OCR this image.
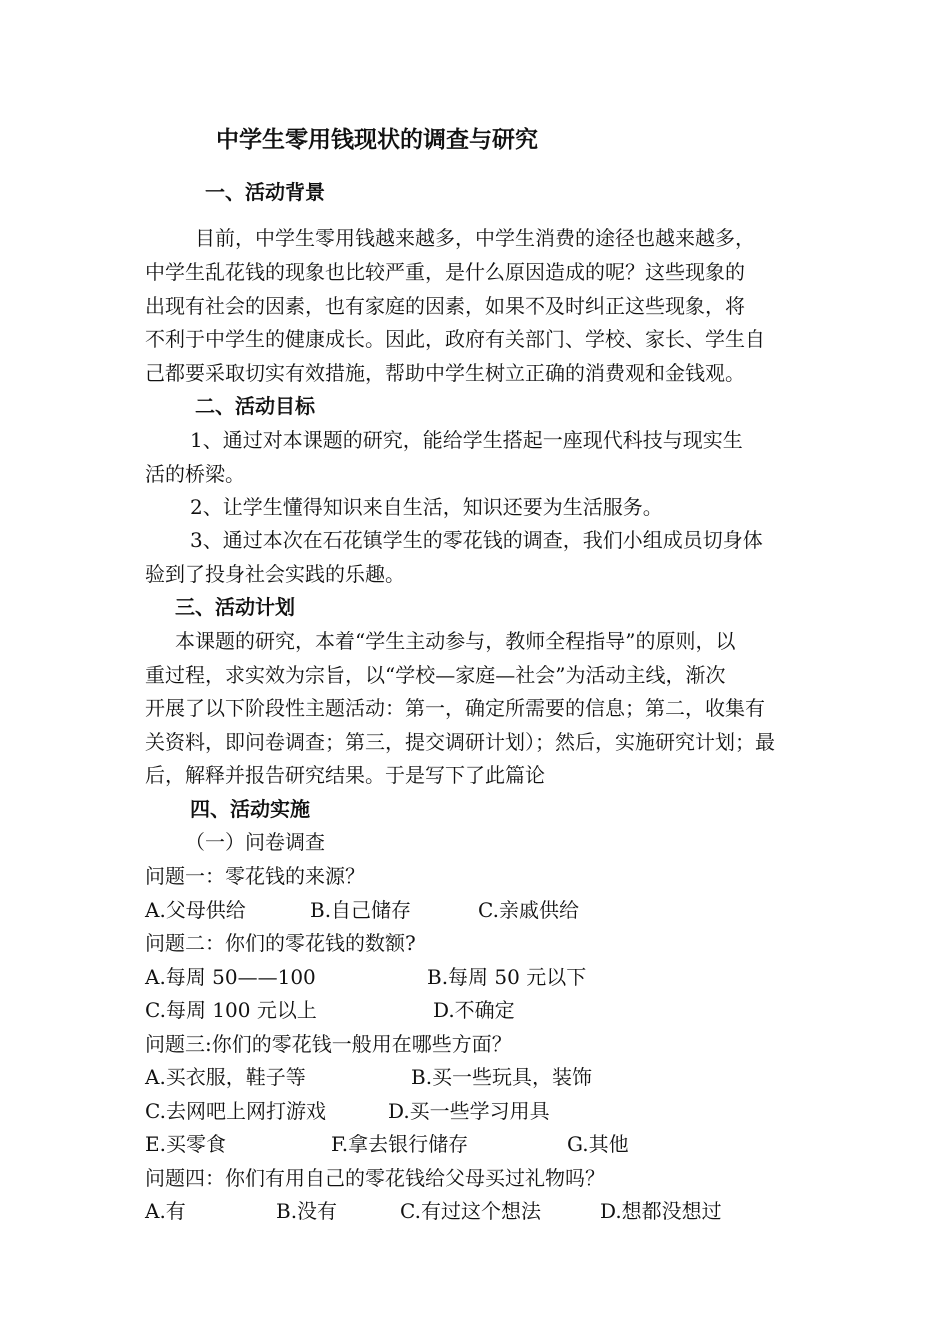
中学生零用钱现状的调查与研究
一、活动背景
目前，中学生零用钱越来越多，中学生消费的途径也越来越多，
中学生乱花钱的现象也比较严重，是什么原因造成的呢？这些现象的
出现有社会的因素，也有家庭的因素，如果不及时纠正这些现象，将
不利于中学生的健康成长。因此，政府有关部门、学校、家长、学生自
己都要采取切实有效措施，帮助中学生树立正确的消费观和金钱观。
二、活动目标
1、通过对本课题的研究，能给学生搭起一座现代科技与现实生
活的桥梁。
2、让学生懂得知识来自生活，知识还要为生活服务。
3、通过本次在石花镇学生的零花钱的调查，我们小组成员切身体
验到了投身社会实践的乐趣。
三、活动计划
本课题的研究，本着“学生主动参与，教师全程指导”的原则，以
重过程，求实效为宗旨，以“学校—家庭—社会”为活动主线，渐次
开展了以下阶段性主题活动：第一，确定所需要的信息；第二，收集有
关资料，即问卷调查；第三，提交调研计划）；然后，实施研究计划；最
后，解释并报告研究结果。于是写下了此篇论
四、活动实施
（一）问卷调查
问题一：零花钱的来源？
A.父母供给	B.自己储存	C.亲戚供给
问题二：你们的零花钱的数额?
A.每周 50——100	B.每周 50 元以下
C.每周 100 元以上	D.不确定
问题三:你们的零花钱一般用在哪些方面？
A.买衣服，鞋子等	B.买一些玩具，装饰
C.去网吧上网打游戏	D.买一些学习用具
E.买零食	F.拿去银行储存	G.其他
问题四：你们有用自己的零花钱给父母买过礼物吗？
A.有	B.没有	C.有过这个想法	D.想都没想过
